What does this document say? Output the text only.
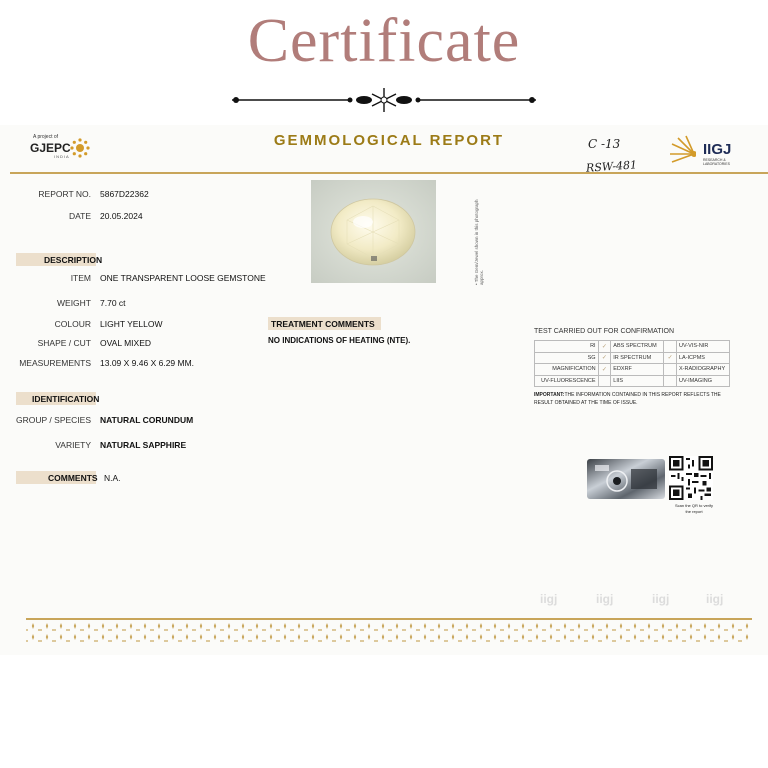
Certificate
A project of
GJEPC
INDIA
GEMMOLOGICAL REPORT	C -13
RSW-481
IIGJ
RESEARCH & LABORATORIES
REPORT NO. 5867D22362
DATE 20.05.2024
DESCRIPTION
ITEM ONE TRANSPARENT LOOSE GEMSTONE
WEIGHT 7.70 ct
COLOUR LIGHT YELLOW
SHAPE / CUT OVAL MIXED
MEASUREMENTS 13.09 X 9.46 X 6.29 MM.
IDENTIFICATION
GROUP / SPECIES NATURAL CORUNDUM
VARIETY NATURAL SAPPHIRE
COMMENTS N.A.
• The Gem/Jewel shown in this photograph approx.
TREATMENT COMMENTS
NO INDICATIONS OF HEATING (NTE).
TEST CARRIED OUT FOR CONFIRMATION
RI	✓	ABS SPECTRUM		UV-VIS-NIR
SG	✓	IR SPECTRUM	✓	LA-ICPMS
MAGNIFICATION	✓	EDXRF		X-RADIOGRAPHY
UV-FLUORESCENCE		LIIS		UV-IMAGING
IMPORTANT:THE INFORMATION CONTAINED IN THIS REPORT REFLECTS THE RESULT OBTAINED AT THE TIME OF ISSUE.
Scan the QR to verify the report
iigj	iigj	iigj	iigj
